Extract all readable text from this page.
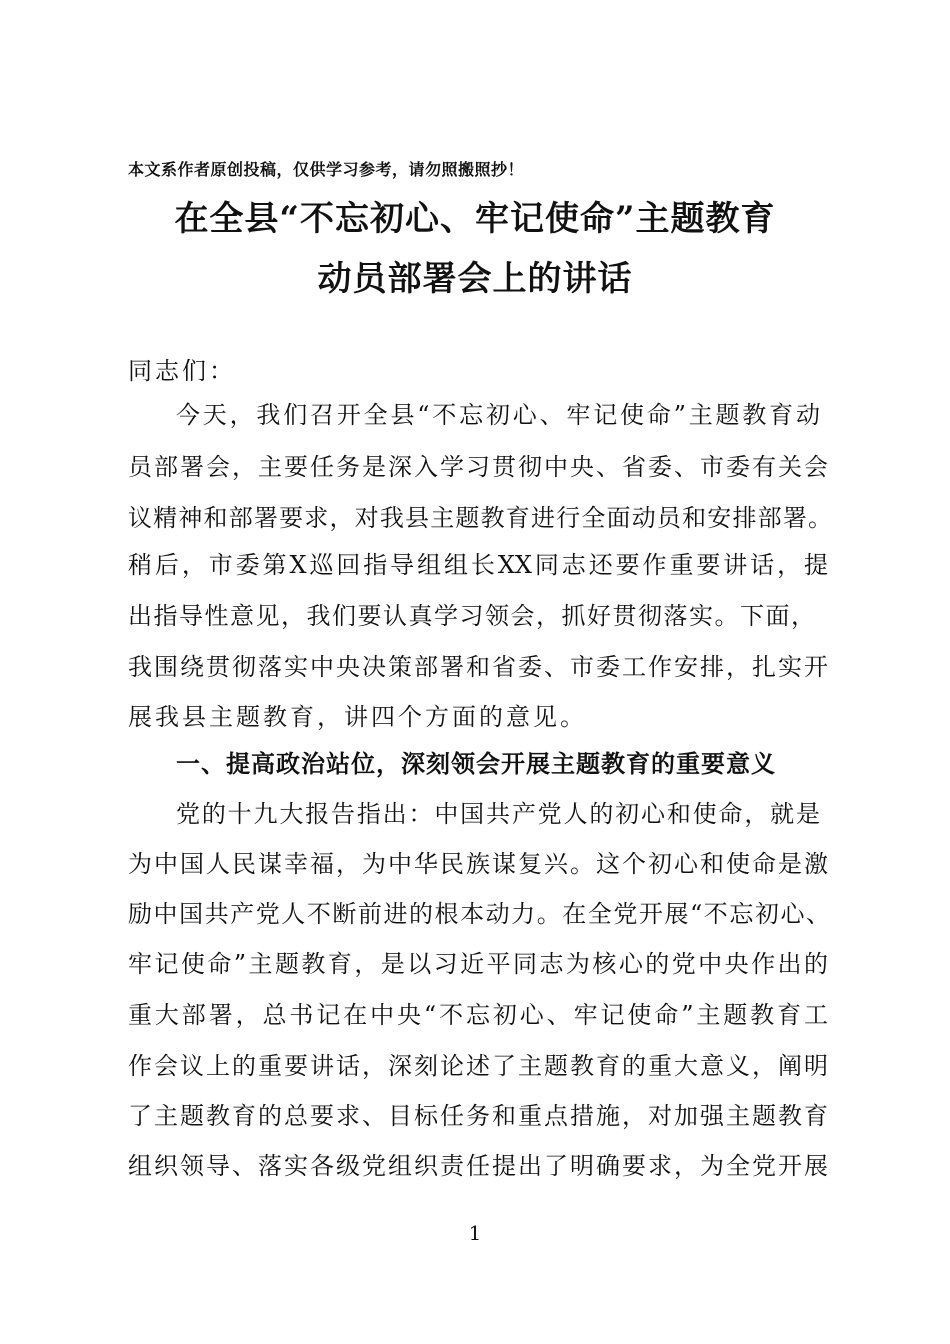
本文系作者原创投稿，仅供学习参考，请勿照搬照抄！
在全县“不忘初心、牢记使命”主题教育
动员部署会上的讲话
同志们：
今天，我们召开全县“不忘初心、牢记使命”主题教育动
员部署会，主要任务是深入学习贯彻中央、省委、市委有关会
议精神和部署要求，对我县主题教育进行全面动员和安排部署。
稍后，市委第X巡回指导组组长XX同志还要作重要讲话，提
出指导性意见，我们要认真学习领会，抓好贯彻落实。下面，
我围绕贯彻落实中央决策部署和省委、市委工作安排，扎实开
展我县主题教育，讲四个方面的意见。
一、提高政治站位，深刻领会开展主题教育的重要意义
党的十九大报告指出：中国共产党人的初心和使命，就是
为中国人民谋幸福，为中华民族谋复兴。这个初心和使命是激
励中国共产党人不断前进的根本动力。在全党开展“不忘初心、
牢记使命”主题教育，是以习近平同志为核心的党中央作出的
重大部署，总书记在中央“不忘初心、牢记使命”主题教育工
作会议上的重要讲话，深刻论述了主题教育的重大意义，阐明
了主题教育的总要求、目标任务和重点措施，对加强主题教育
组织领导、落实各级党组织责任提出了明确要求，为全党开展
1
